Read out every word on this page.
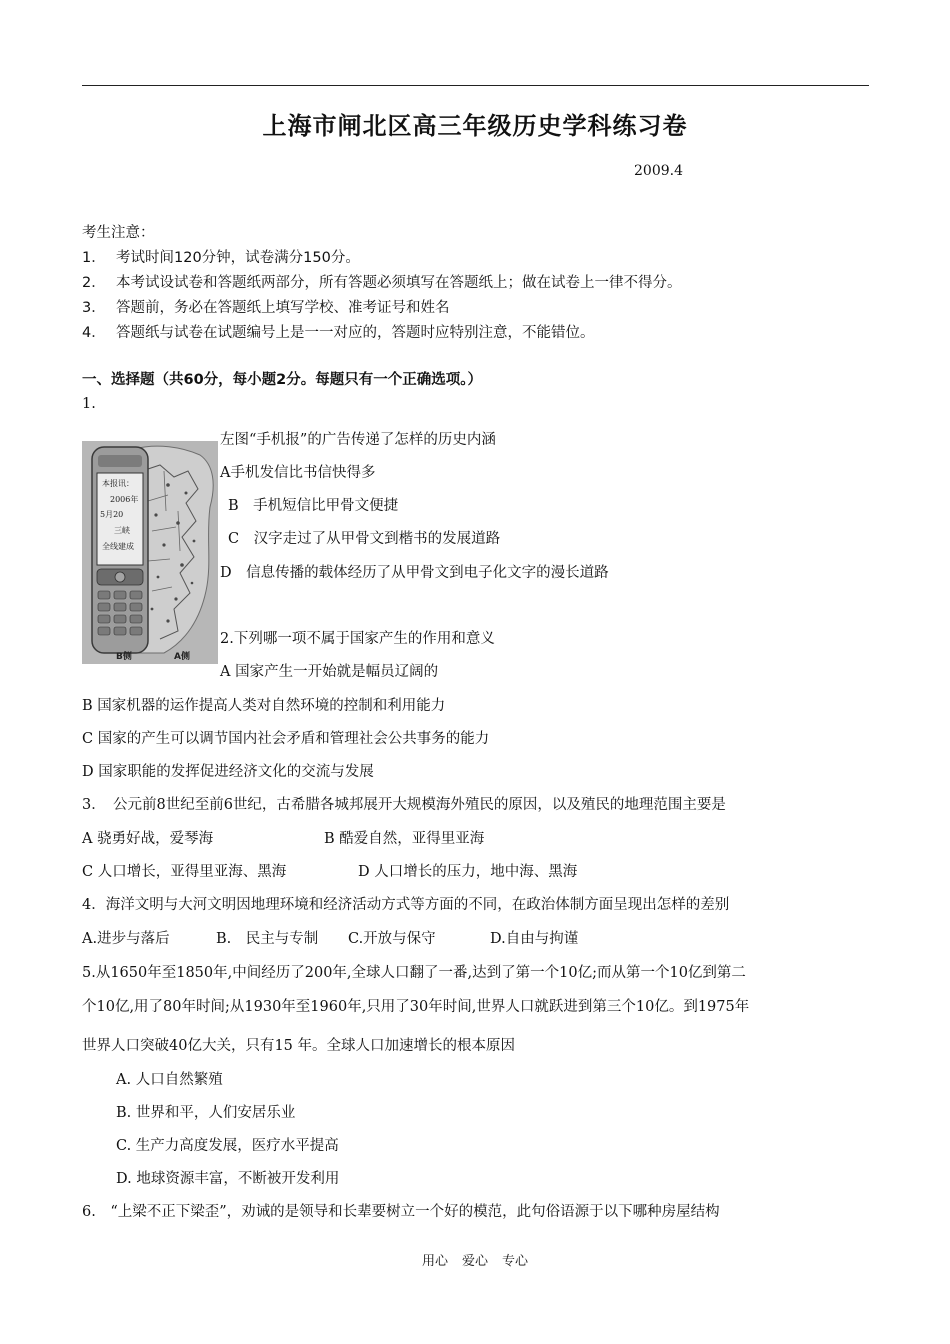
上海市闸北区高三年级历史学科练习卷
2009.4
考生注意：
1． 考试时间120分钟，试卷满分150分。
2． 本考试设试卷和答题纸两部分，所有答题必须填写在答题纸上；做在试卷上一律不得分。
3． 答题前，务必在答题纸上填写学校、准考证号和姓名
4． 答题纸与试卷在试题编号上是一一对应的，答题时应特别注意，不能错位。
一、选择题（共60分，每小题2分。每题只有一个正确选项。）
1.
本报讯：
2006年
5月20
三峡
全线建成
B侧	A侧
左图“手机报”的广告传递了怎样的历史内涵
A手机发信比书信快得多
B　手机短信比甲骨文便捷
C　汉字走过了从甲骨文到楷书的发展道路
D　信息传播的载体经历了从甲骨文到电子化文字的漫长道路
2.下列哪一项不属于国家产生的作用和意义
A 国家产生一开始就是幅员辽阔的
B 国家机器的运作提高人类对自然环境的控制和利用能力
C 国家的产生可以调节国内社会矛盾和管理社会公共事务的能力
D 国家职能的发挥促进经济文化的交流与发展
3．　公元前8世纪至前6世纪，古希腊各城邦展开大规模海外殖民的原因，以及殖民的地理范围主要是
A 骁勇好战，爱琴海	B 酷爱自然，亚得里亚海
C 人口增长，亚得里亚海、黑海	D 人口增长的压力，地中海、黑海
4．海洋文明与大河文明因地理环境和经济活动方式等方面的不同，在政治体制方面呈现出怎样的差别
A.进步与落后	B.　民主与专制 C.开放与保守	D.自由与拘谨
5.从1650年至1850年,中间经历了200年,全球人口翻了一番,达到了第一个10亿;而从第一个10亿到第二
个10亿,用了80年时间;从1930年至1960年,只用了30年时间,世界人口就跃进到第三个10亿。到1975年
世界人口突破40亿大关，只有15 年。全球人口加速增长的根本原因
A. 人口自然繁殖
B. 世界和平，人们安居乐业
C. 生产力高度发展，医疗水平提高
D. 地球资源丰富，不断被开发利用
6.　“上梁不正下梁歪”，劝诫的是领导和长辈要树立一个好的模范，此句俗语源于以下哪种房屋结构
用心 爱心 专心
